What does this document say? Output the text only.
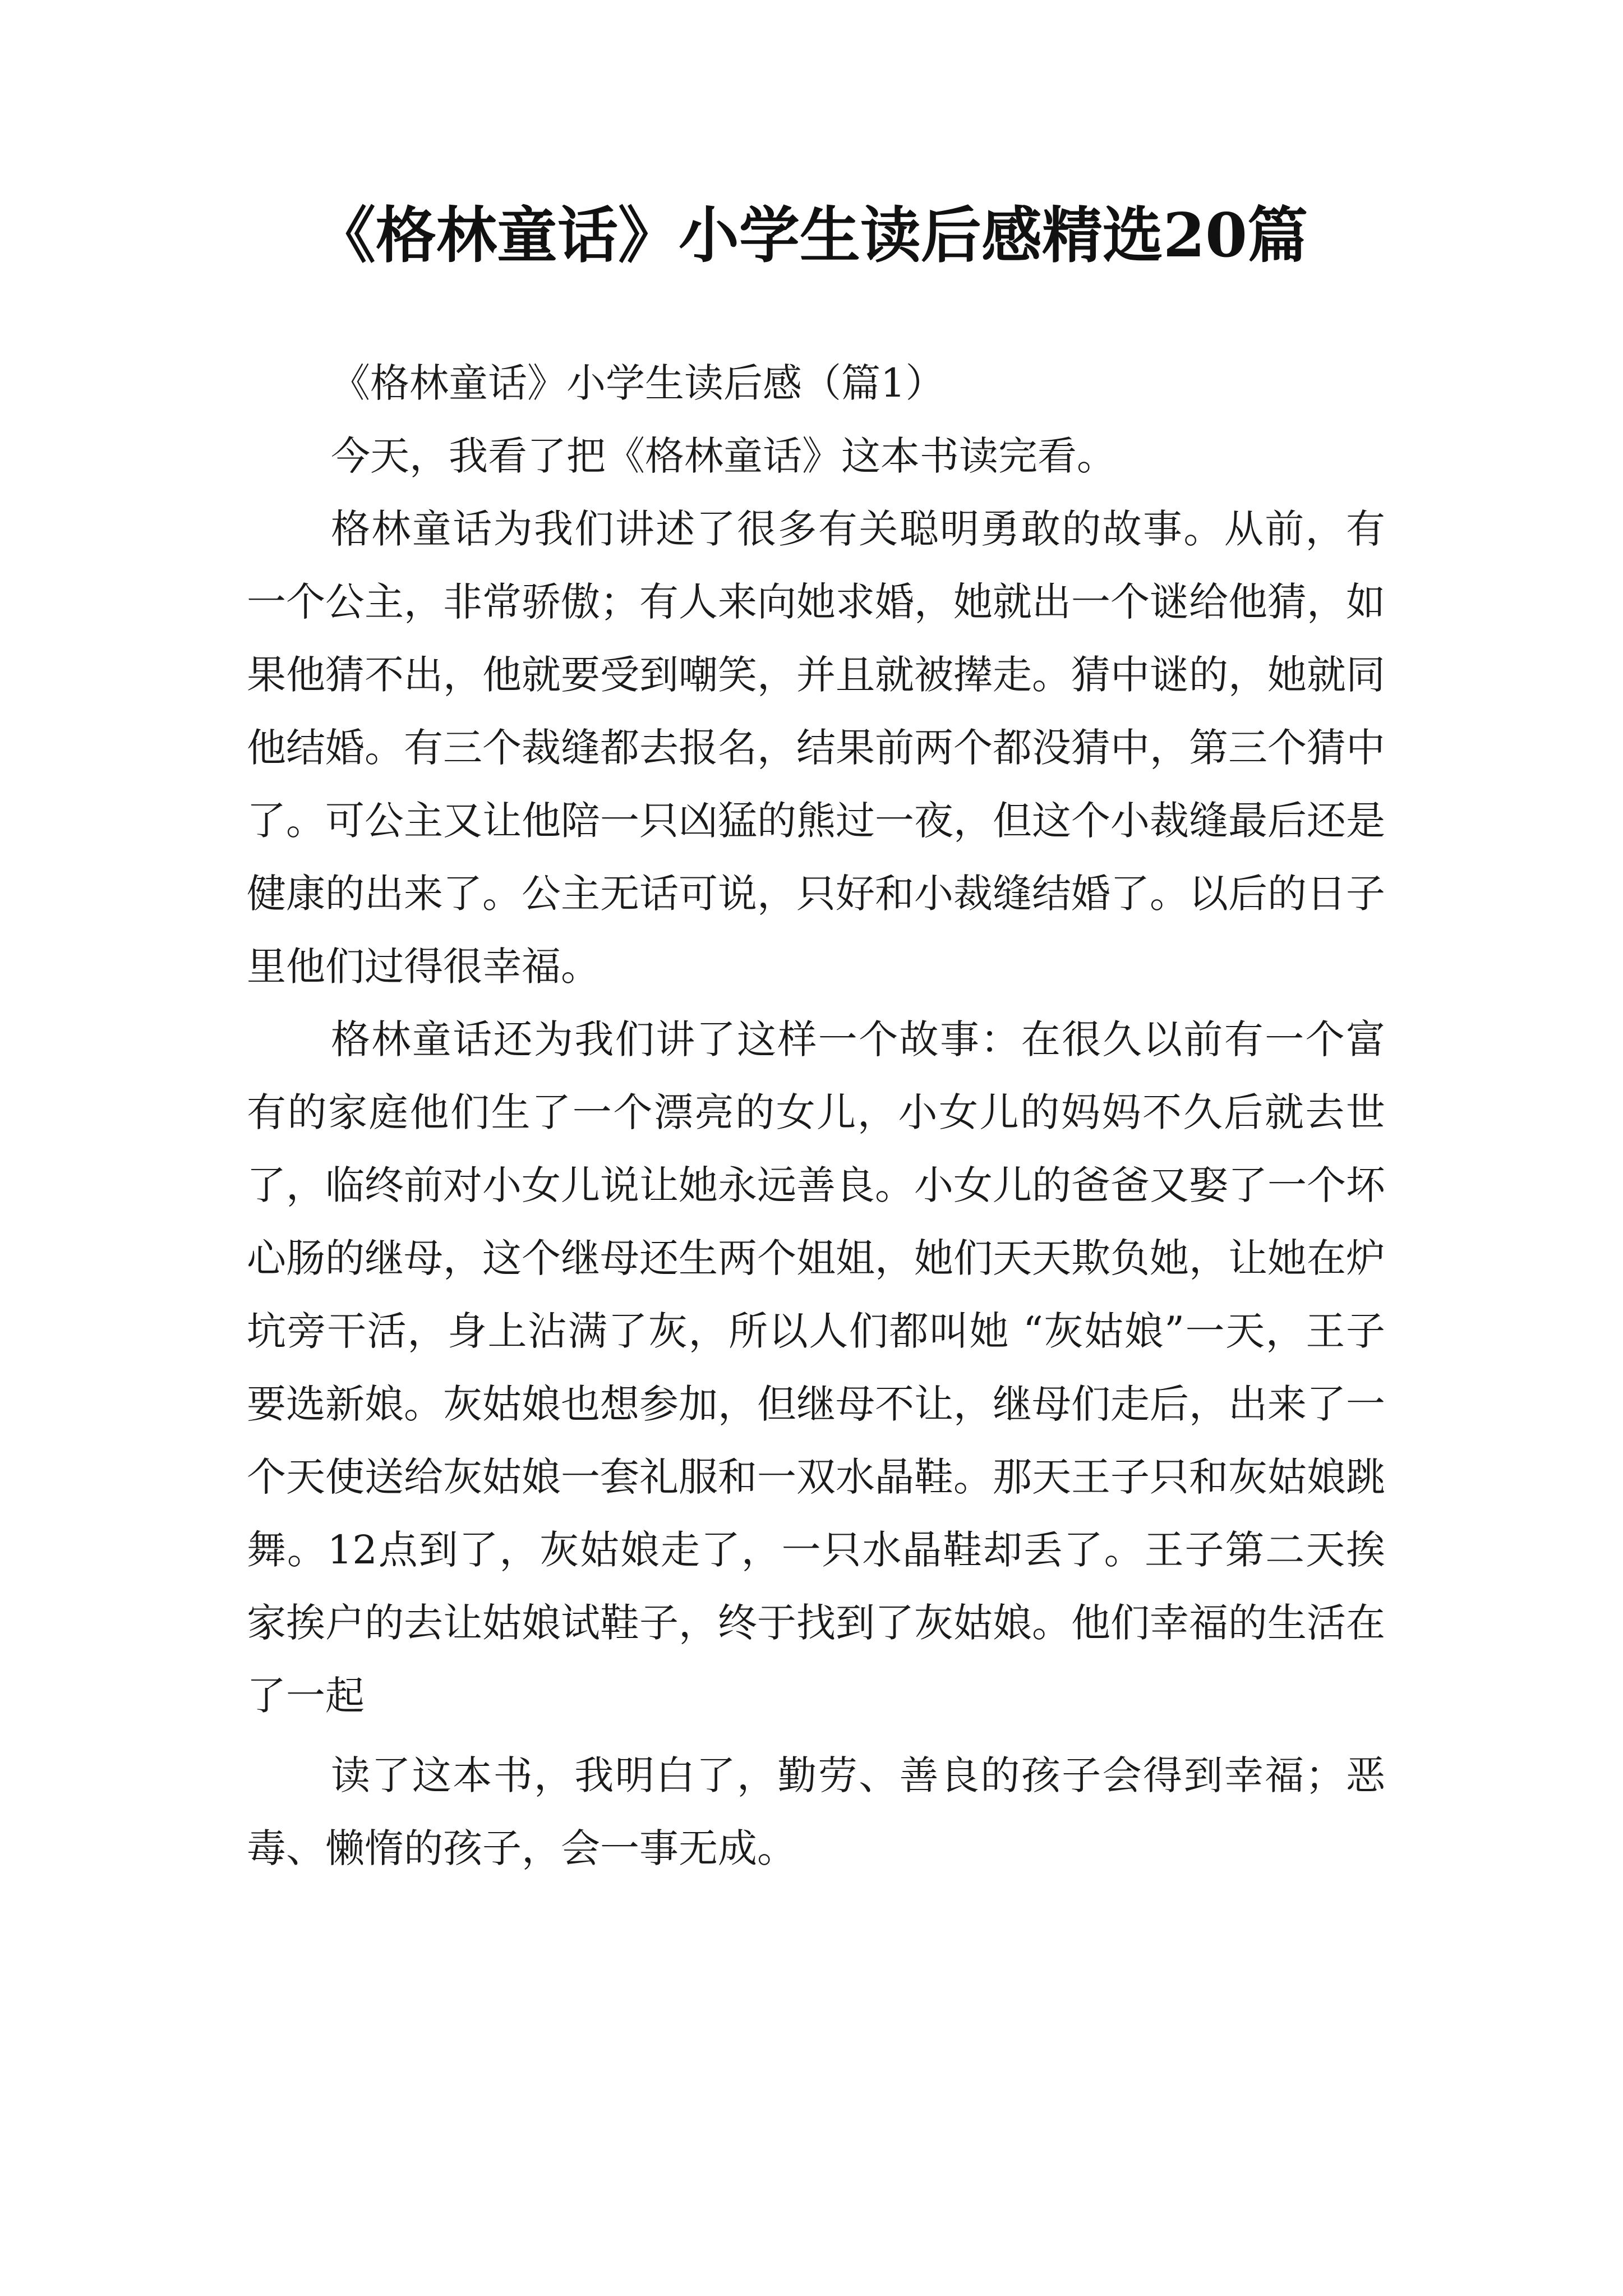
《格林童话》小学生读后感精选20篇

《格林童话》小学生读后感（篇1）

今天，我看了把《格林童话》这本书读完看。

格林童话为我们讲述了很多有关聪明勇敢的故事。从前，有一个公主，非常骄傲；有人来向她求婚，她就出一个谜给他猜，如果他猜不出，他就要受到嘲笑，并且就被撵走。猜中谜的，她就同他结婚。有三个裁缝都去报名，结果前两个都没猜中，第三个猜中了。可公主又让他陪一只凶猛的熊过一夜，但这个小裁缝最后还是健康的出来了。公主无话可说，只好和小裁缝结婚了。以后的日子里他们过得很幸福。

格林童话还为我们讲了这样一个故事：在很久以前有一个富有的家庭他们生了一个漂亮的女儿，小女儿的妈妈不久后就去世了，临终前对小女儿说让她永远善良。小女儿的爸爸又娶了一个坏心肠的继母，这个继母还生两个姐姐，她们天天欺负她，让她在炉坑旁干活，身上沾满了灰，所以人们都叫她 “灰姑娘”一天，王子要选新娘。灰姑娘也想参加，但继母不让，继母们走后，出来了一个天使送给灰姑娘一套礼服和一双水晶鞋。那天王子只和灰姑娘跳舞。12点到了，灰姑娘走了，一只水晶鞋却丢了。王子第二天挨家挨户的去让姑娘试鞋子，终于找到了灰姑娘。他们幸福的生活在了一起

读了这本书，我明白了，勤劳、善良的孩子会得到幸福；恶毒、懒惰的孩子，会一事无成。
